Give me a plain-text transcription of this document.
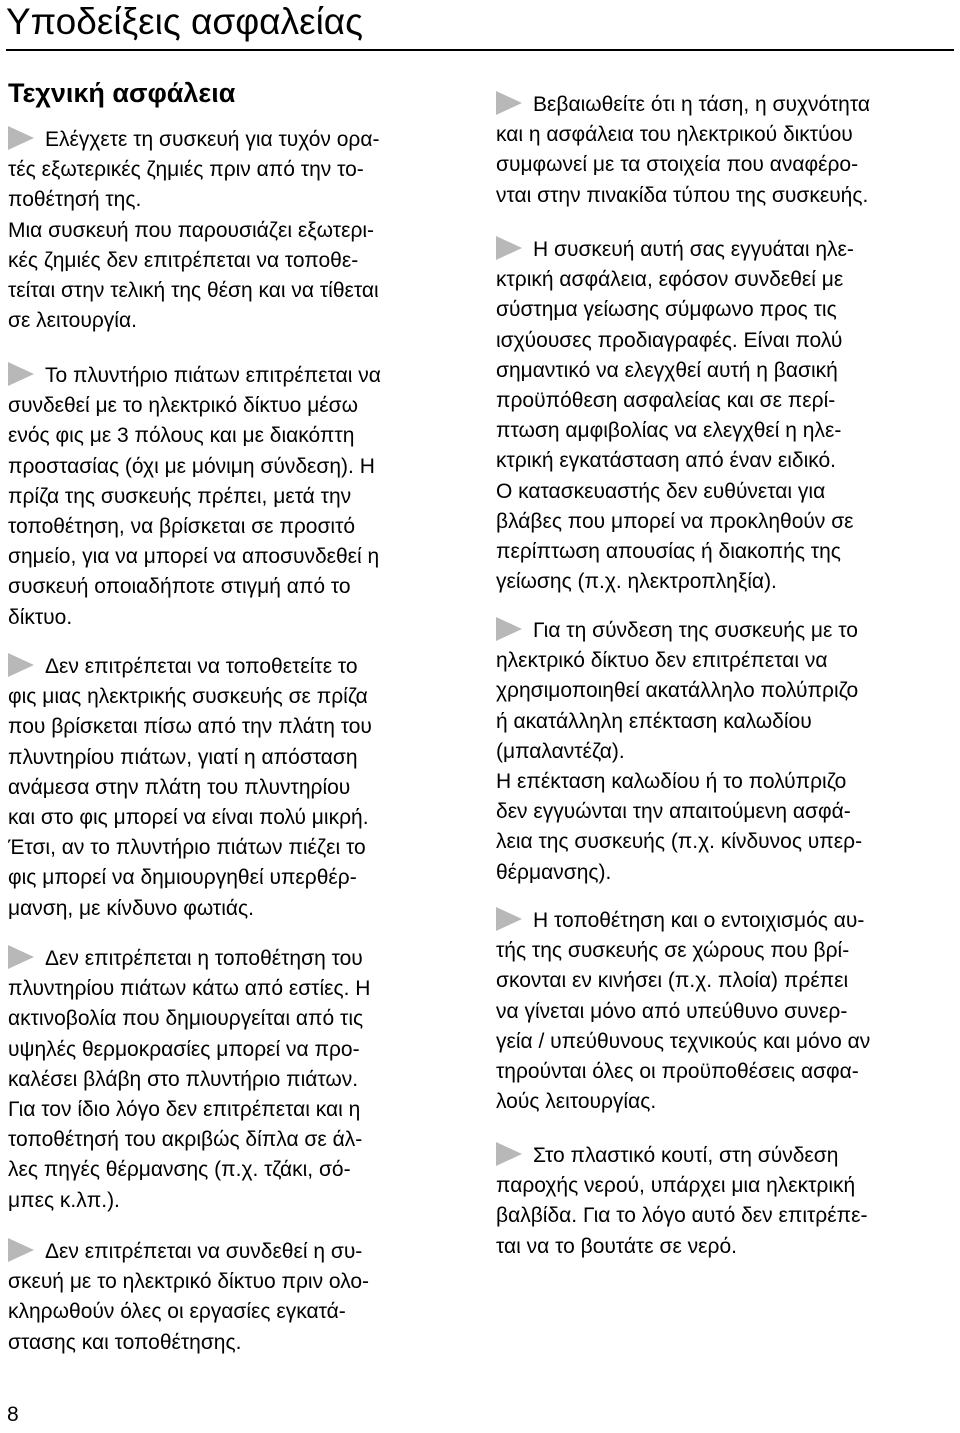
Υποδείξεις ασφαλείας
Τεχνική ασφάλεια

Ελέγχετε τη συσκευή για τυχόν ορα-
τές εξωτερικές ζημιές πριν από την το-
ποθέτησή της.
Μια συσκευή που παρουσιάζει εξωτερι-
κές ζημιές δεν επιτρέπεται να τοποθε-
τείται στην τελική της θέση και να τίθεται
σε λειτουργία.

Το πλυντήριο πιάτων επιτρέπεται να
συνδεθεί με το ηλεκτρικό δίκτυο μέσω
ενός φις με 3 πόλους και με διακόπτη
προστασίας (όχι με μόνιμη σύνδεση). Η
πρίζα της συσκευής πρέπει, μετά την
τοποθέτηση, να βρίσκεται σε προσιτό
σημείο, για να μπορεί να αποσυνδεθεί η
συσκευή οποιαδήποτε στιγμή από το
δίκτυο.

Δεν επιτρέπεται να τοποθετείτε το
φις μιας ηλεκτρικής συσκευής σε πρίζα
που βρίσκεται πίσω από την πλάτη του
πλυντηρίου πιάτων, γιατί η απόσταση
ανάμεσα στην πλάτη του πλυντηρίου
και στο φις μπορεί να είναι πολύ μικρή.
Έτσι, αν το πλυντήριο πιάτων πιέζει το
φις μπορεί να δημιουργηθεί υπερθέρ-
μανση, με κίνδυνο φωτιάς.

Δεν επιτρέπεται η τοποθέτηση του
πλυντηρίου πιάτων κάτω από εστίες. Η
ακτινοβολία που δημιουργείται από τις
υψηλές θερμοκρασίες μπορεί να προ-
καλέσει βλάβη στο πλυντήριο πιάτων.
Για τον ίδιο λόγο δεν επιτρέπεται και η
τοποθέτησή του ακριβώς δίπλα σε άλ-
λες πηγές θέρμανσης (π.χ. τζάκι, σό-
μπες κ.λπ.).

Δεν επιτρέπεται να συνδεθεί η συ-
σκευή με το ηλεκτρικό δίκτυο πριν ολο-
κληρωθούν όλες οι εργασίες εγκατά-
στασης και τοποθέτησης.

Βεβαιωθείτε ότι η τάση, η συχνότητα
και η ασφάλεια του ηλεκτρικού δικτύου
συμφωνεί με τα στοιχεία που αναφέρο-
νται στην πινακίδα τύπου της συσκευής.

Η συσκευή αυτή σας εγγυάται ηλε-
κτρική ασφάλεια, εφόσον συνδεθεί με
σύστημα γείωσης σύμφωνο προς τις
ισχύουσες προδιαγραφές. Είναι πολύ
σημαντικό να ελεγχθεί αυτή η βασική
προϋπόθεση ασφαλείας και σε περί-
πτωση αμφιβολίας να ελεγχθεί η ηλε-
κτρική εγκατάσταση από έναν ειδικό.
Ο κατασκευαστής δεν ευθύνεται για
βλάβες που μπορεί να προκληθούν σε
περίπτωση απουσίας ή διακοπής της
γείωσης (π.χ. ηλεκτροπληξία).

Για τη σύνδεση της συσκευής με το
ηλεκτρικό δίκτυο δεν επιτρέπεται να
χρησιμοποιηθεί ακατάλληλο πολύπριζο
ή ακατάλληλη επέκταση καλωδίου
(μπαλαντέζα).
Η επέκταση καλωδίου ή το πολύπριζο
δεν εγγυώνται την απαιτούμενη ασφά-
λεια της συσκευής (π.χ. κίνδυνος υπερ-
θέρμανσης).

Η τοποθέτηση και ο εντοιχισμός αυ-
τής της συσκευής σε χώρους που βρί-
σκονται εν κινήσει (π.χ. πλοία) πρέπει
να γίνεται μόνο από υπεύθυνο συνερ-
γεία / υπεύθυνους τεχνικούς και μόνο αν
τηρούνται όλες οι προϋποθέσεις ασφα-
λούς λειτουργίας.

Στο πλαστικό κουτί, στη σύνδεση
παροχής νερού, υπάρχει μια ηλεκτρική
βαλβίδα. Για το λόγο αυτό δεν επιτρέπε-
ται να το βουτάτε σε νερό.

8
